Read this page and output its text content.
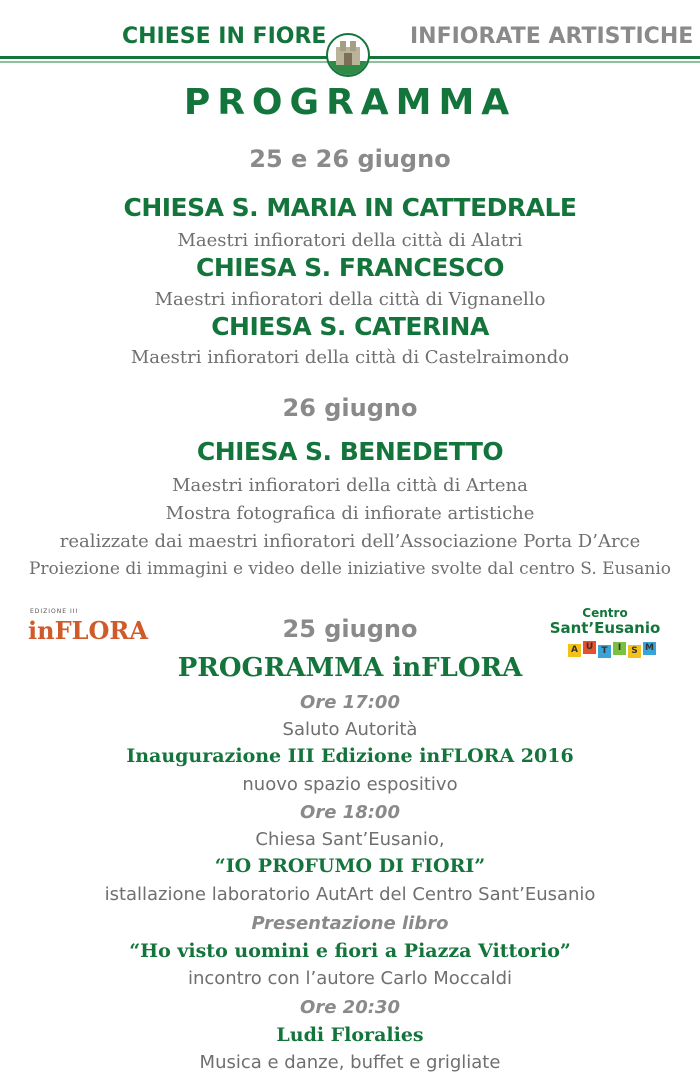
CHIESE IN FIORE	INFIORATE ARTISTICHE
PROGRAMMA
25 e 26 giugno
CHIESA S. MARIA IN CATTEDRALE
Maestri infioratori della città di Alatri
CHIESA S. FRANCESCO
Maestri infioratori della città di Vignanello
CHIESA S. CATERINA
Maestri infioratori della città di Castelraimondo
26 giugno
CHIESA S. BENEDETTO
Maestri infioratori della città di Artena
Mostra fotografica di infiorate artistiche
realizzate dai maestri infioratori dell’Associazione Porta D’Arce
Proiezione di immagini e video delle iniziative svolte dal centro S. Eusanio
EDIZIONE III
inFLORA
Centro
Sant’Eusanio
A U T	I	S M
25 giugno
PROGRAMMA inFLORA
Ore 17:00
Saluto Autorità
Inaugurazione III Edizione inFLORA 2016
nuovo spazio espositivo
Ore 18:00
Chiesa Sant’Eusanio,
“IO PROFUMO DI FIORI”
istallazione laboratorio AutArt del Centro Sant’Eusanio
Presentazione libro
“Ho visto uomini e fiori a Piazza Vittorio”
incontro con l’autore Carlo Moccaldi
Ore 20:30
Ludi Floralies
Musica e danze, buffet e grigliate
